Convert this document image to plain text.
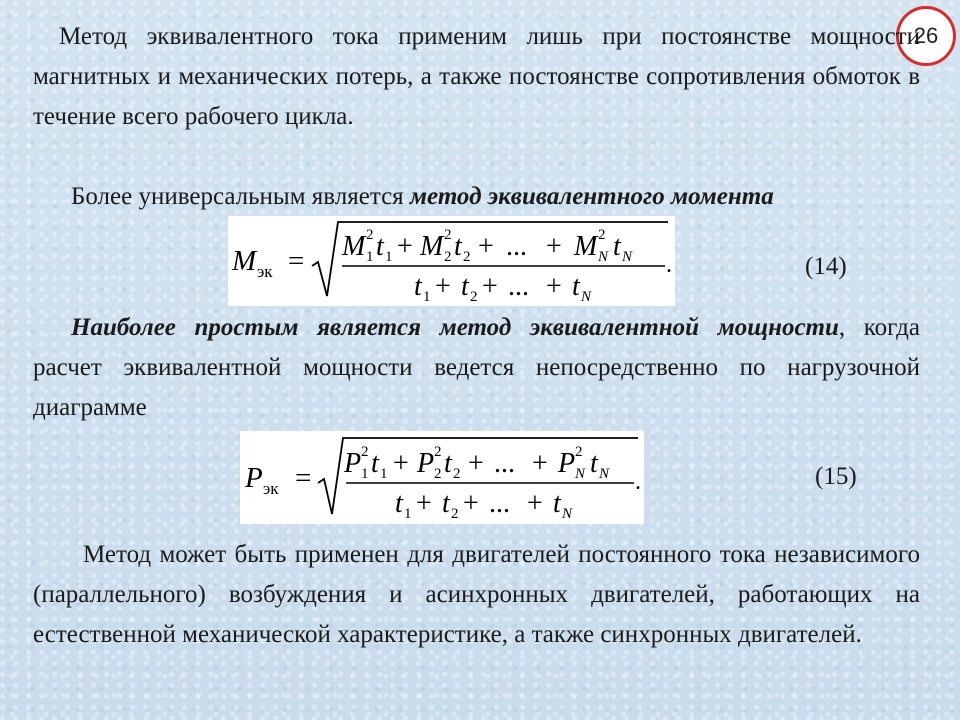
26
Метод эквивалентного тока применим лишь при постоянстве мощности магнитных и механических потерь, а также постоянстве сопротивления обмоток в течение всего рабочего цикла.
Более универсальным является метод эквивалентного момента
M эк = M 1
2 t 1 + M 2
2 t 2 + ... + M N
2 t N
t 1 + t 2 + ... + t N
.	(14)
Наиболее простым является метод эквивалентной мощности, когда расчет эквивалентной мощности ведется непосредственно по нагрузочной диаграмме
P эк = P 1
2 t 1 + P 2
2 t 2 + ... + P N
2 t N
t 1 + t 2 + ... + t N
.	(15)
Метод может быть применен для двигателей постоянного тока независимого (параллельного) возбуждения и асинхронных двигателей, работающих на естественной механической характеристике, а также синхронных двигателей.
